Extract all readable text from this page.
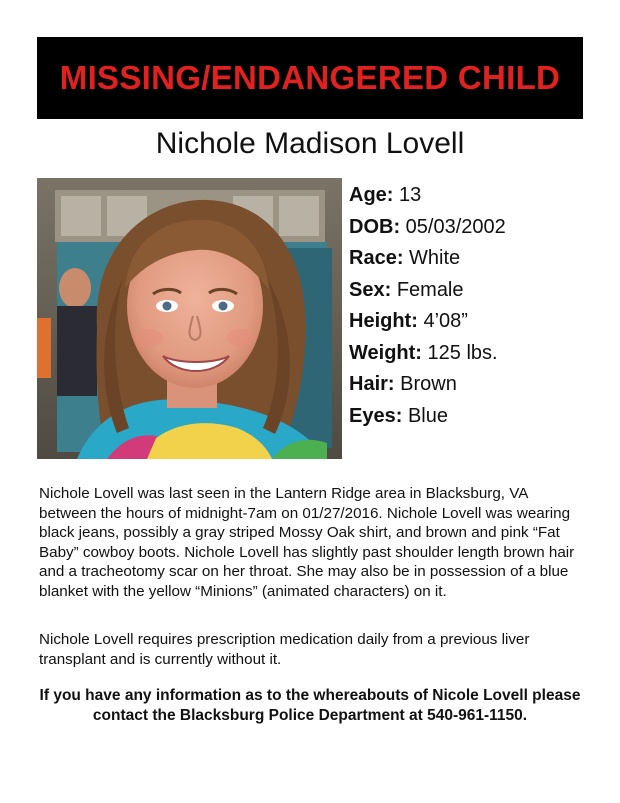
MISSING/ENDANGERED CHILD
Nichole Madison Lovell
Age: 13
DOB: 05/03/2002
Race: White
Sex: Female
Height: 4’08”
Weight: 125 lbs.
Hair: Brown
Eyes: Blue
Nichole Lovell was last seen in the Lantern Ridge area in Blacksburg, VA between the hours of midnight-7am on 01/27/2016. Nichole Lovell was wearing black jeans, possibly a gray striped Mossy Oak shirt, and brown and pink “Fat Baby” cowboy boots. Nichole Lovell has slightly past shoulder length brown hair and a tracheotomy scar on her throat. She may also be in possession of a blue blanket with the yellow “Minions” (animated characters) on it.
Nichole Lovell requires prescription medication daily from a previous liver transplant and is currently without it.
If you have any information as to the whereabouts of Nicole Lovell please
contact the Blacksburg Police Department at 540-961-1150.
